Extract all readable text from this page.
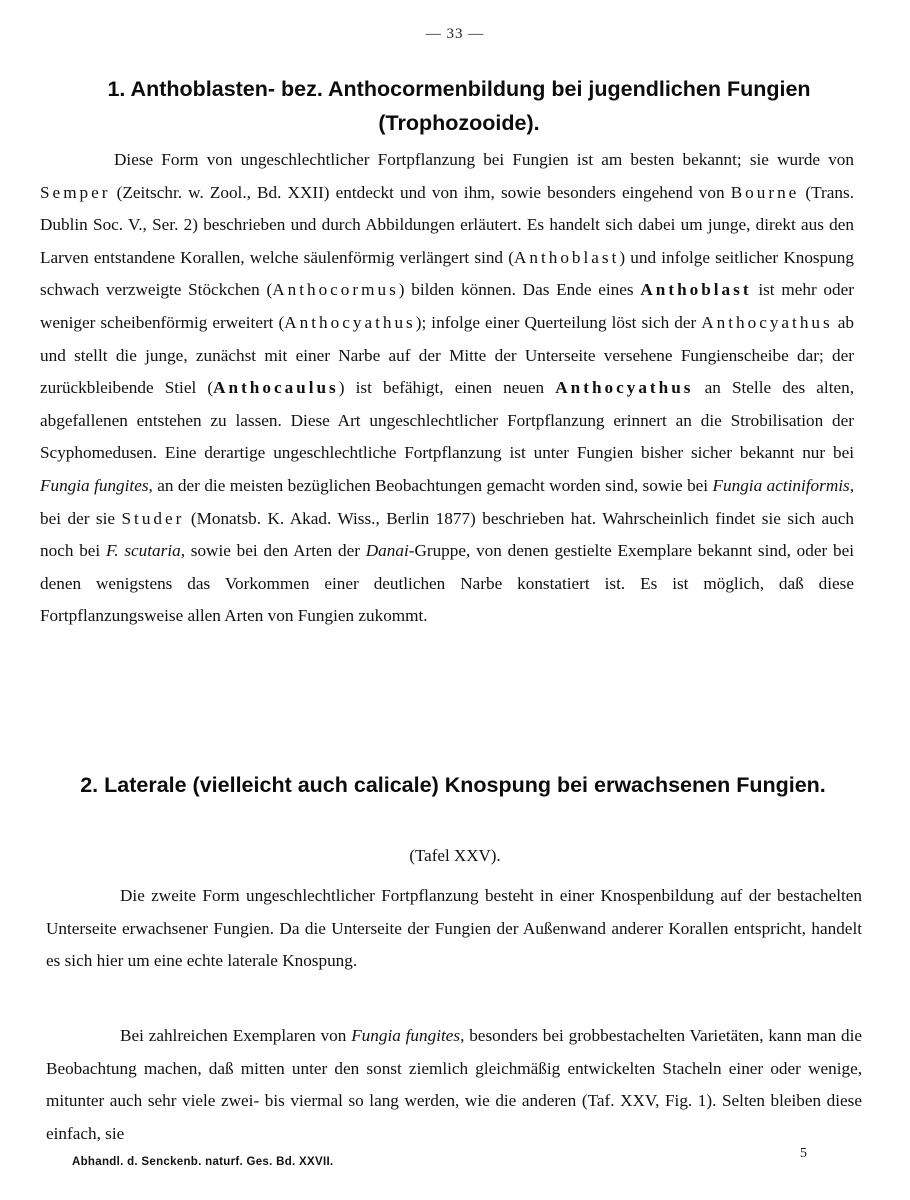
— 33 —
1. Anthoblasten- bez. Anthocormenbildung bei jugendlichen Fungien (Trophozooide).

Diese Form von ungeschlechtlicher Fortpflanzung bei Fungien ist am besten bekannt; sie wurde von Semper (Zeitschr. w. Zool., Bd. XXII) entdeckt und von ihm, sowie besonders eingehend von Bourne (Trans. Dublin Soc. V., Ser. 2) beschrieben und durch Abbildungen erläutert. Es handelt sich dabei um junge, direkt aus den Larven entstandene Korallen, welche säulenförmig verlängert sind (Anthoblast) und infolge seitlicher Knospung schwach verzweigte Stöckchen (Anthocormus) bilden können. Das Ende eines Anthoblast ist mehr oder weniger scheibenförmig erweitert (Anthocyathus); infolge einer Querteilung löst sich der Anthocyathus ab und stellt die junge, zunächst mit einer Narbe auf der Mitte der Unterseite versehene Fungienscheibe dar; der zurückbleibende Stiel (Anthocaulus) ist befähigt, einen neuen Anthocyathus an Stelle des alten, abgefallenen entstehen zu lassen. Diese Art ungeschlechtlicher Fortpflanzung erinnert an die Strobilisation der Scyphomedusen. Eine derartige ungeschlechtliche Fortpflanzung ist unter Fungien bisher sicher bekannt nur bei Fungia fungites, an der die meisten bezüglichen Beobachtungen gemacht worden sind, sowie bei Fungia actiniformis, bei der sie Studer (Monatsb. K. Akad. Wiss., Berlin 1877) beschrieben hat. Wahrscheinlich findet sie sich auch noch bei F. scutaria, sowie bei den Arten der Danai-Gruppe, von denen gestielte Exemplare bekannt sind, oder bei denen wenigstens das Vorkommen einer deutlichen Narbe konstatiert ist. Es ist möglich, daß diese Fortpflanzungsweise allen Arten von Fungien zukommt.

2. Laterale (vielleicht auch calicale) Knospung bei erwachsenen Fungien.
(Tafel XXV).

Die zweite Form ungeschlechtlicher Fortpflanzung besteht in einer Knospenbildung auf der bestachelten Unterseite erwachsener Fungien. Da die Unterseite der Fungien der Außenwand anderer Korallen entspricht, handelt es sich hier um eine echte laterale Knospung.

Bei zahlreichen Exemplaren von Fungia fungites, besonders bei grobbestachelten Varietäten, kann man die Beobachtung machen, daß mitten unter den sonst ziemlich gleichmäßig entwickelten Stacheln einer oder wenige, mitunter auch sehr viele zwei- bis viermal so lang werden, wie die anderen (Taf. XXV, Fig. 1). Selten bleiben diese einfach, sie

Abhandl. d. Senckenb. naturf. Ges. Bd. XXVII.
5
